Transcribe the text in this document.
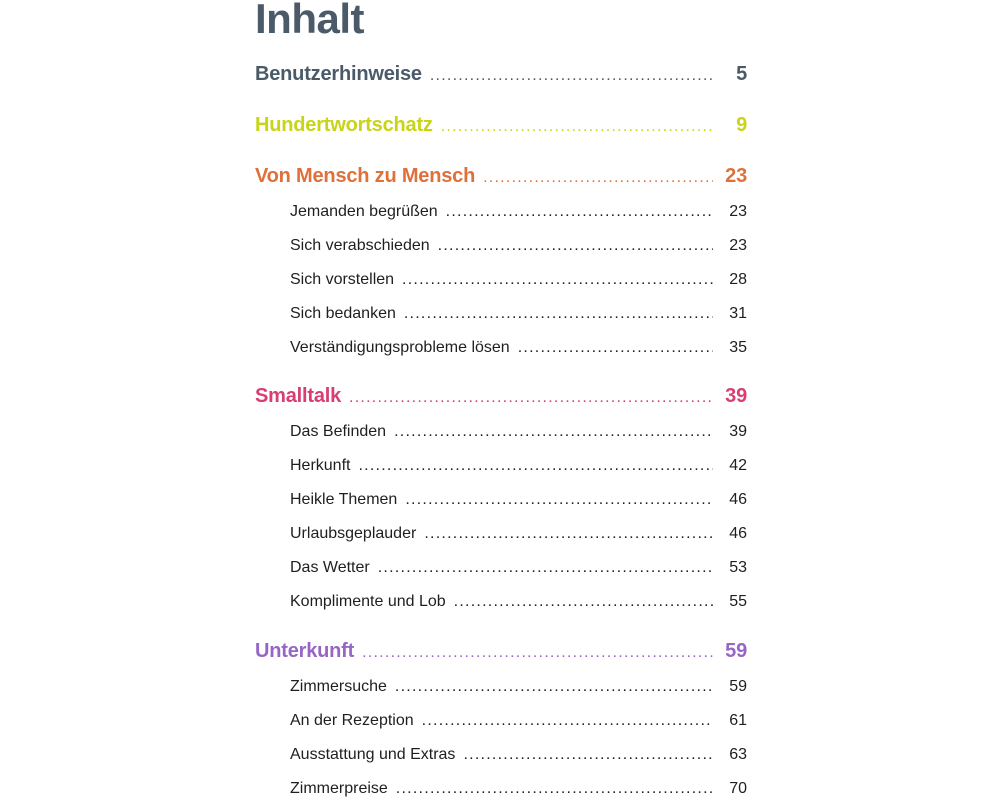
Inhalt
Benutzerhinweise . . .	5
Hundertwortschatz . . .	9
Von Mensch zu Mensch . . .	23
Jemanden begrüßen . . .	23
Sich verabschieden . . .	23
Sich vorstellen . . .	28
Sich bedanken . . .	31
Verständigungsprobleme lösen . . .	35
Smalltalk . . .	39
Das Befinden . . .	39
Herkunft . . .	42
Heikle Themen . . .	46
Urlaubsgeplauder . . .	46
Das Wetter . . .	53
Komplimente und Lob . . .	55
Unterkunft . . .	59
Zimmersuche . . .	59
An der Rezeption . . .	61
Ausstattung und Extras . . .	63
Zimmerpreise . . .	70
